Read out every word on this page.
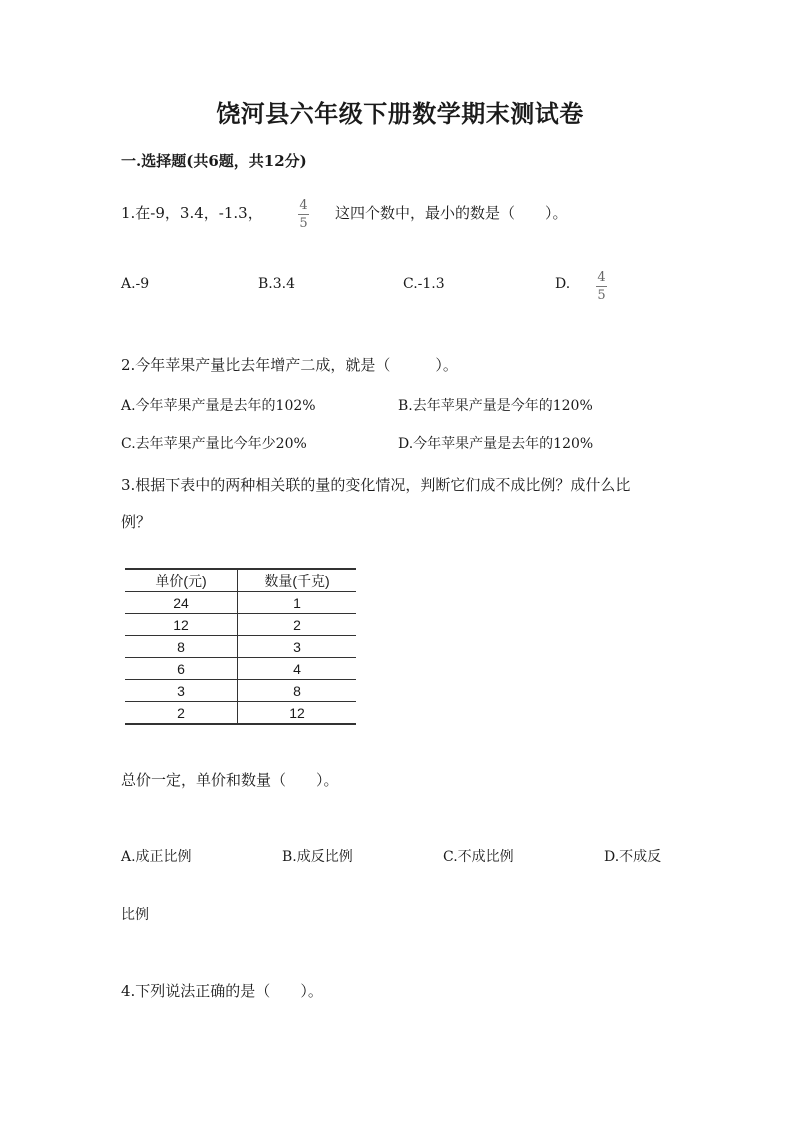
饶河县六年级下册数学期末测试卷
一.选择题(共6题，共12分)
1.在-9，3.4，-1.3，	4
5
这四个数中，最小的数是（　　）。
A.-9	B.3.4	C.-1.3	D. 4
5
2.今年苹果产量比去年增产二成，就是（　　　）。
A.今年苹果产量是去年的102%	B.去年苹果产量是今年的120%
C.去年苹果产量比今年少20%	D.今年苹果产量是去年的120%
3.根据下表中的两种相关联的量的变化情况，判断它们成不成比例？成什么比
例？
单价(元)	数量(千克)
24	1
12	2
8	3
6	4
3	8
2	12
总价一定，单价和数量（　　）。
A.成正比例	B.成反比例	C.不成比例	D.不成反
比例
4.下列说法正确的是（　　）。
